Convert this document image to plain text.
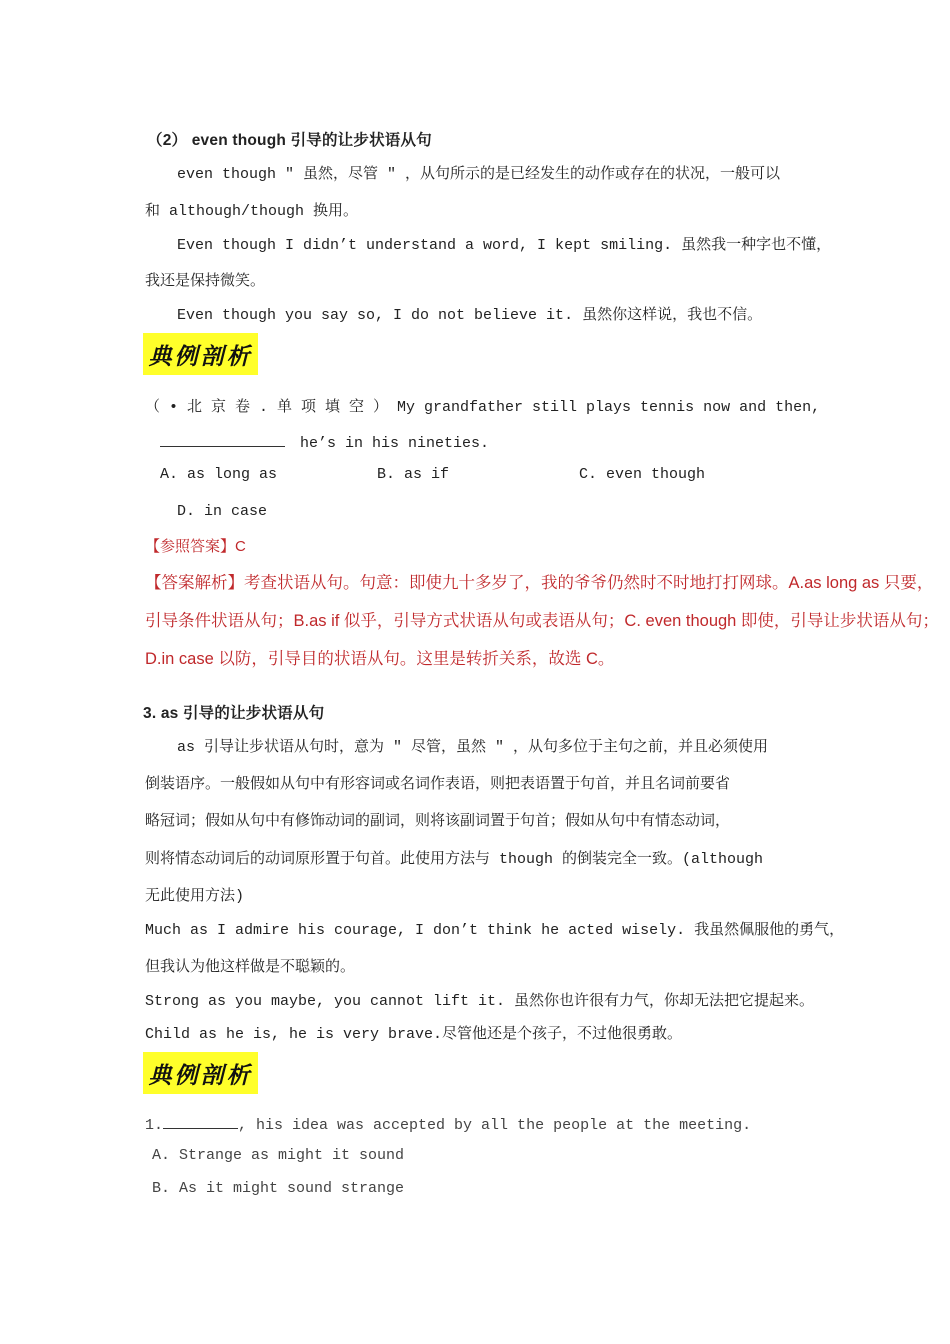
（2） even though 引导的让步状语从句
even though " 虽然，尽管 " ，从句所示的是已经发生的动作或存在的状况，一般可以
和 although/though 换用。
Even though I didn’t understand a word, I kept smiling. 虽然我一种字也不懂，
我还是保持微笑。
Even though you say so, I do not believe it. 虽然你这样说，我也不信。
典例剖析
（ • 北 京 卷 . 单 项 填 空 ） My grandfather still plays tennis now and then,
he’s in his nineties.
A. as long as	B. as if	C. even though
D. in case
【参照答案】C
【答案解析】考查状语从句。句意：即使九十多岁了，我的爷爷仍然时不时地打打网球。A.as long as 只要，
引导条件状语从句；B.as if 似乎，引导方式状语从句或表语从句；C. even though 即使，引导让步状语从句；
D.in case 以防，引导目的状语从句。这里是转折关系，故选 C。
3. as 引导的让步状语从句
as 引导让步状语从句时，意为 " 尽管，虽然 " ，从句多位于主句之前，并且必须使用
倒装语序。一般假如从句中有形容词或名词作表语，则把表语置于句首，并且名词前要省
略冠词；假如从句中有修饰动词的副词，则将该副词置于句首；假如从句中有情态动词，
则将情态动词后的动词原形置于句首。此使用方法与 though 的倒装完全一致。(although
无此使用方法)
Much as I admire his courage, I don’t think he acted wisely. 我虽然佩服他的勇气，
但我认为他这样做是不聪颖的。
Strong as you maybe, you cannot lift it. 虽然你也许很有力气，你却无法把它提起来。
Child as he is, he is very brave.尽管他还是个孩子，不过他很勇敢。
典例剖析
1.	, his idea was accepted by all the people at the meeting.
A. Strange as might it sound
B. As it might sound strange
